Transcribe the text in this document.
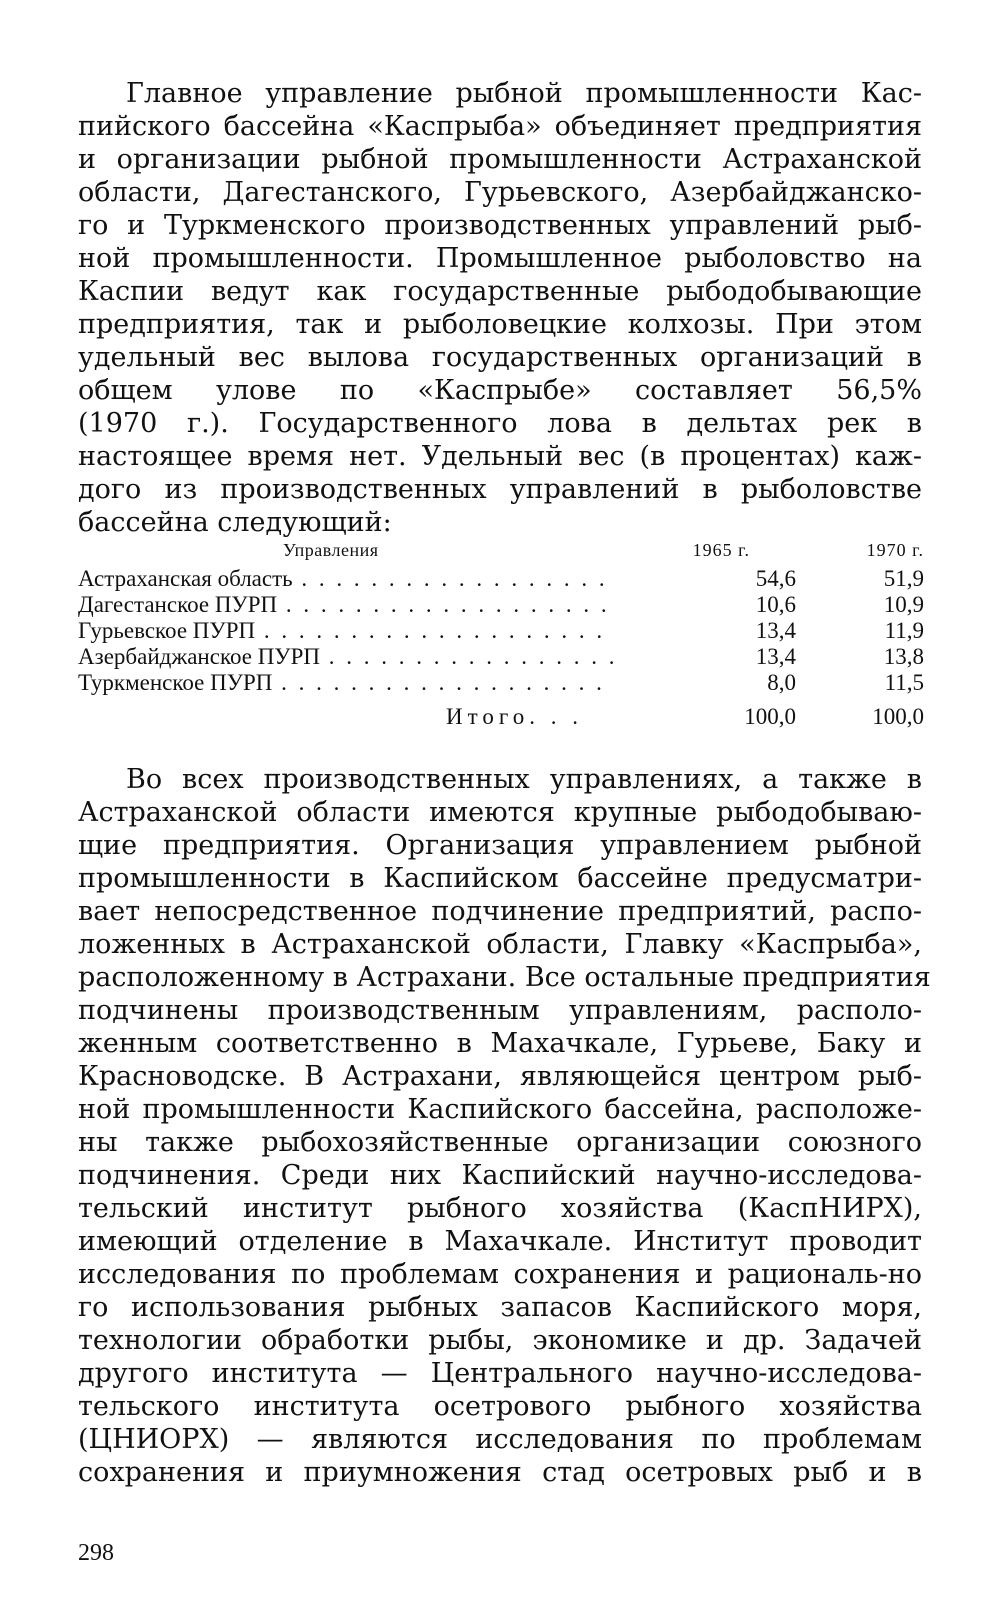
Главное управление рыбной промышленности Кас-
пийского бассейна «Каспрыба» объединяет предприятия
и организации рыбной промышленности Астраханской
области, Дагестанского, Гурьевского, Азербайджанско-
го и Туркменского производственных управлений рыб-
ной промышленности. Промышленное рыболовство на
Каспии ведут как государственные рыбодобывающие
предприятия, так и рыболовецкие колхозы. При этом
удельный вес вылова государственных организаций в
общем улове по «Каспрыбе» составляет 56,5%
(1970 г.). Государственного лова в дельтах рек в
настоящее время нет. Удельный вес (в процентах) каж-
дого из производственных управлений в рыболовстве
бассейна следующий:
Управления	1965 г.	1970 г.
Астраханская область . . .	54,6	51,9
Дагестанское ПУРП . . .	10,6	10,9
Гурьевское ПУРП . . .	13,4	11,9
Азербайджанское ПУРП . . .	13,4	13,8
Туркменское ПУРП . . .	8,0	11,5
Итого. . .	100,0	100,0
Во всех производственных управлениях, а также в
Астраханской области имеются крупные рыбодобываю-
щие предприятия. Организация управлением рыбной
промышленности в Каспийском бассейне предусматри-
вает непосредственное подчинение предприятий, распо-
ложенных в Астраханской области, Главку «Каспрыба»,
расположенному в Астрахани. Все остальные предприятия
подчинены производственным управлениям, располо-
женным соответственно в Махачкале, Гурьеве, Баку и
Красноводске. В Астрахани, являющейся центром рыб-
ной промышленности Каспийского бассейна, расположе-
ны также рыбохозяйственные организации союзного
подчинения. Среди них Каспийский научно-исследова-
тельский институт рыбного хозяйства (КаспНИРХ),
имеющий отделение в Махачкале. Институт проводит
исследования по проблемам сохранения и рациональ-но
го использования рыбных запасов Каспийского моря,
технологии обработки рыбы, экономике и др. Задачей
другого института — Центрального научно-исследова-
тельского института осетрового рыбного хозяйства
(ЦНИОРХ) — являются исследования по проблемам
сохранения и приумножения стад осетровых рыб и в
298
